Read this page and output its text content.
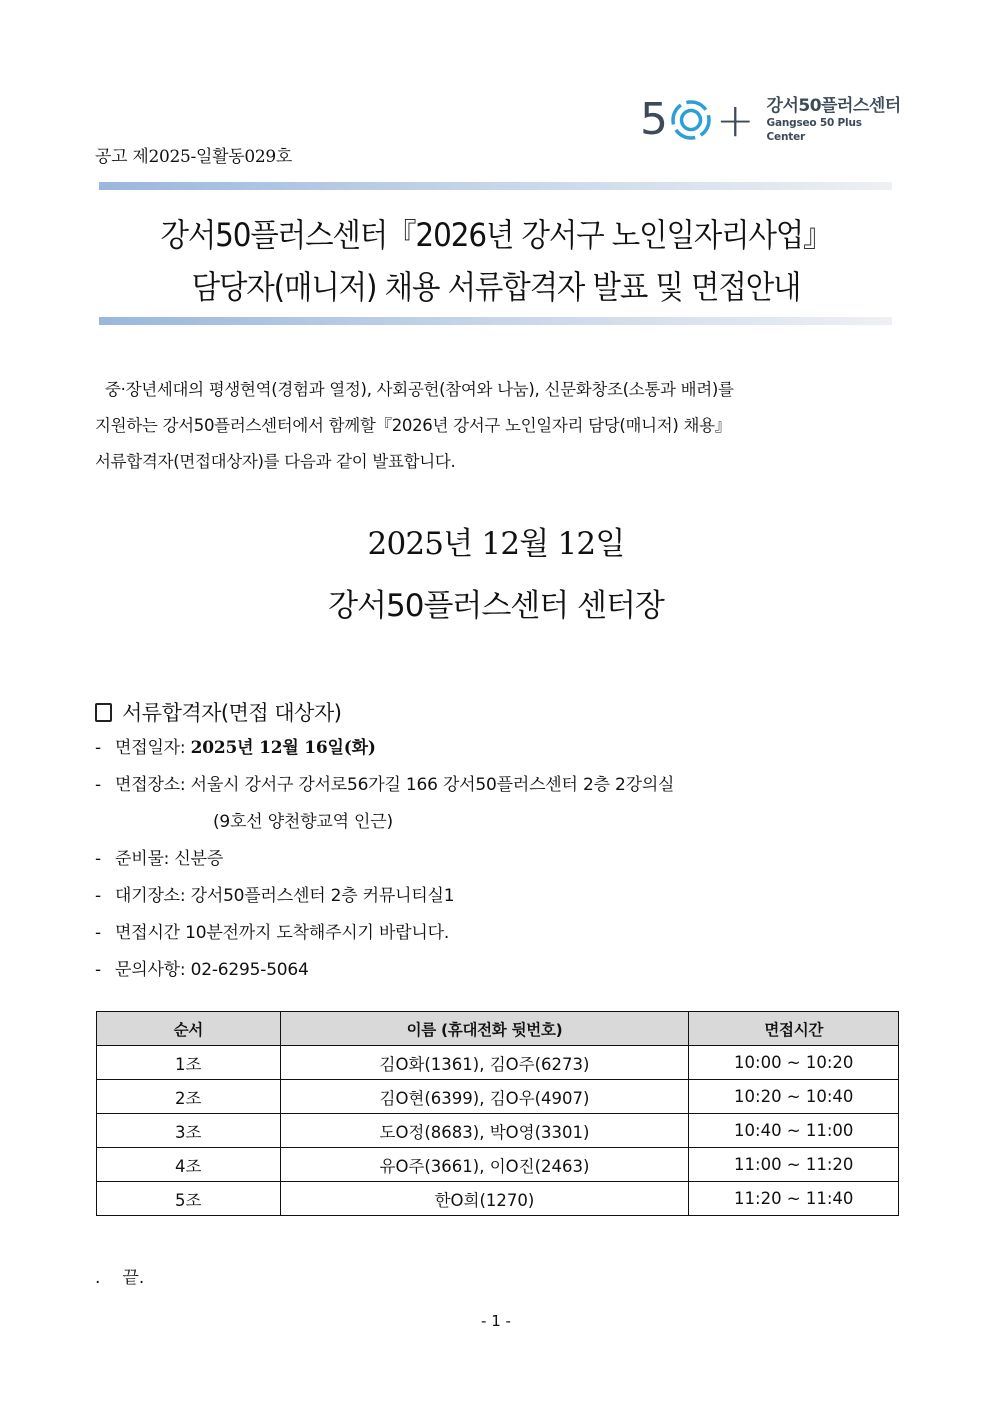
5 + 강서50플러스센터
Gangseo 50 Plus Center
공고 제2025-일활동029호
강서50플러스센터『2026년 강서구 노인일자리사업』
담당자(매니저) 채용 서류합격자 발표 및 면접안내

중·장년세대의 평생현역(경험과 열정), 사회공헌(참여와 나눔), 신문화창조(소통과 배려)를

지원하는 강서50플러스센터에서 함께할『2026년 강서구 노인일자리 담당(매니저) 채용』

서류합격자(면접대상자)를 다음과 같이 발표합니다.

2025년 12월 12일
강서50플러스센터 센터장
서류합격자(면접 대상자)
- 면접일자: 2025년 12월 16일(화)
- 면접장소: 서울시 강서구 강서로56가길 166 강서50플러스센터 2층 2강의실
(9호선 양천향교역 인근)
- 준비물: 신분증
- 대기장소: 강서50플러스센터 2층 커뮤니티실1
- 면접시간 10분전까지 도착해주시기 바랍니다.
- 문의사항: 02-6295-5064
순서	이름 (휴대전화 뒷번호)	면접시간
1조	김O화(1361), 김O주(6273)	10:00 ~ 10:20
2조	김O현(6399), 김O우(4907)	10:20 ~ 10:40
3조	도O정(8683), 박O영(3301)	10:40 ~ 11:00
4조	유O주(3661), 이O진(2463)	11:00 ~ 11:20
5조	한O희(1270)	11:20 ~ 11:40
. 끝.
- 1 -
